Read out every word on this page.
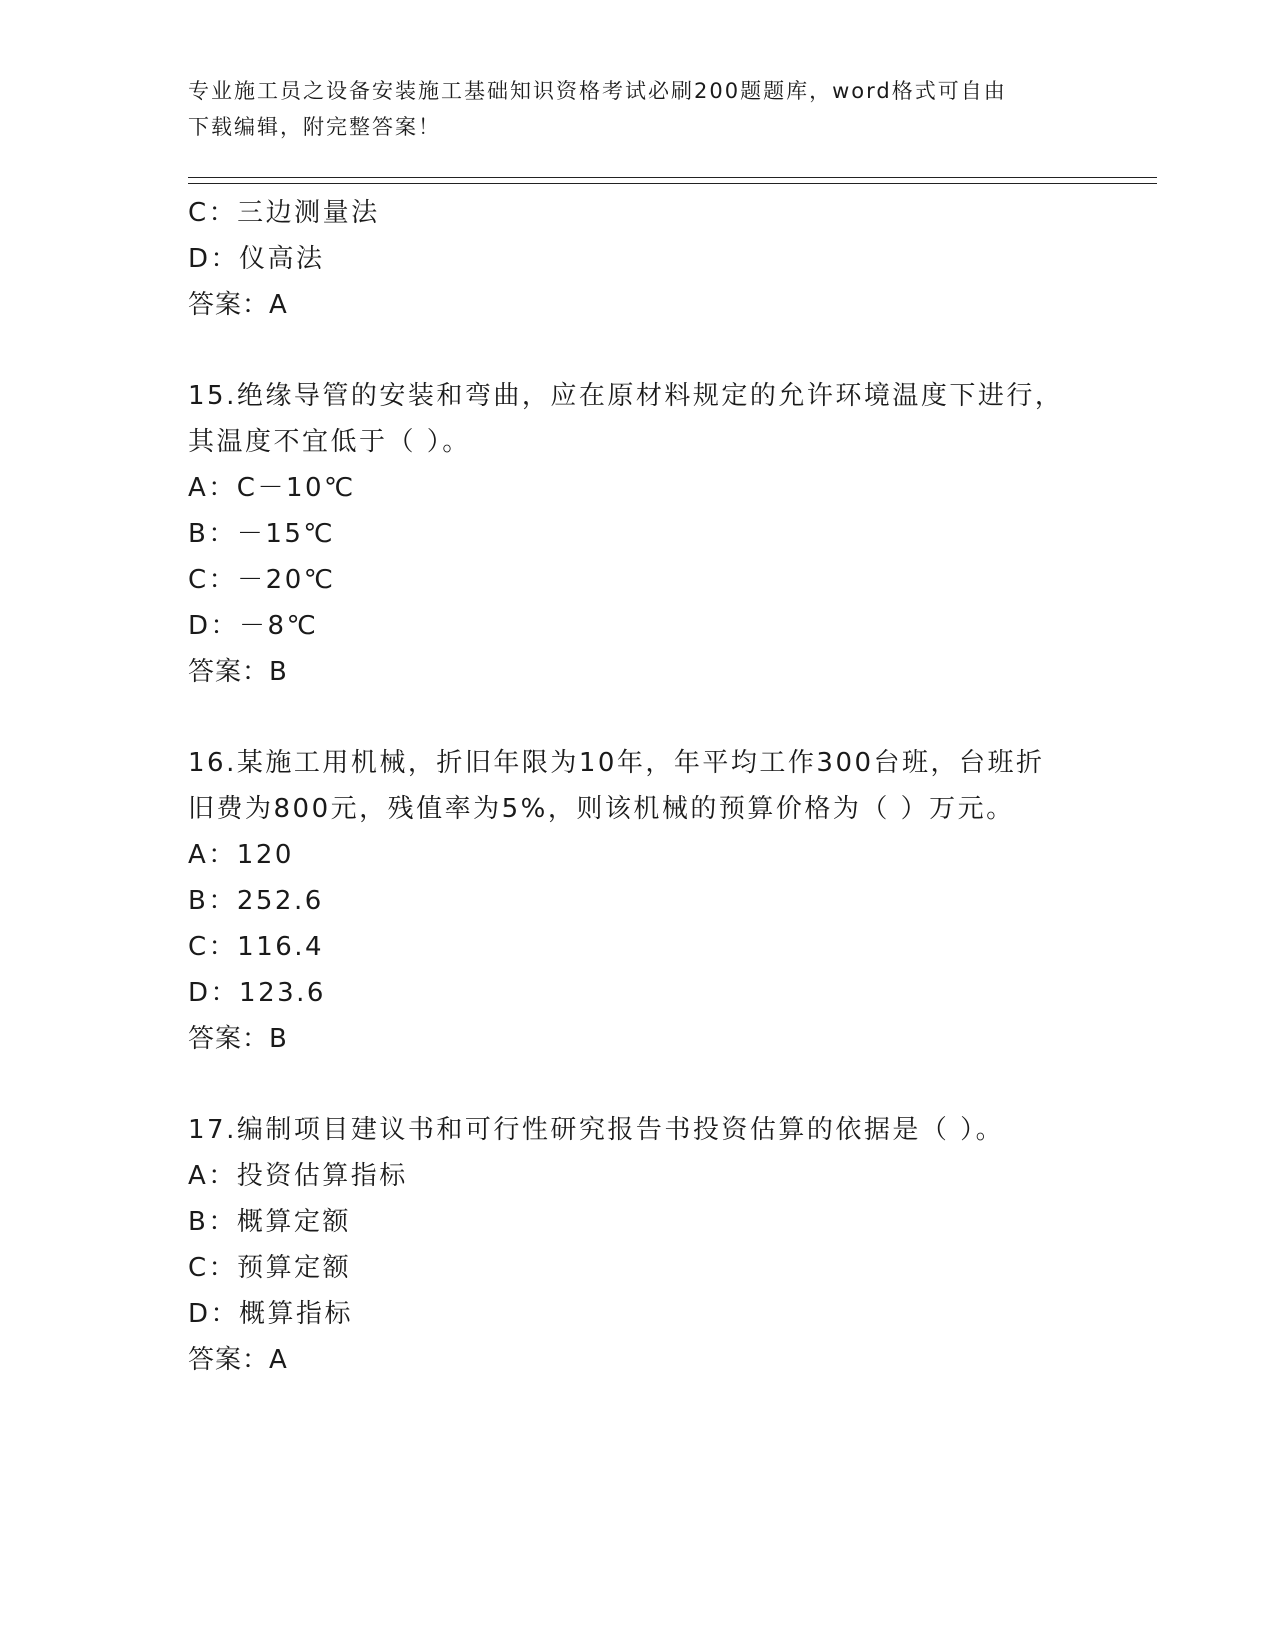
专业施工员之设备安装施工基础知识资格考试必刷200题题库，word格式可自由
下载编辑，附完整答案！
C：三边测量法
D：仪高法
答案：A
15.绝缘导管的安装和弯曲，应在原材料规定的允许环境温度下进行，
其温度不宜低于（ ）。
A：C－10℃
B：－15℃
C：－20℃
D：－8℃
答案：B
16.某施工用机械，折旧年限为10年，年平均工作300台班，台班折
旧费为800元，残值率为5%，则该机械的预算价格为（ ）万元。
A：120
B：252.6
C：116.4
D：123.6
答案：B
17.编制项目建议书和可行性研究报告书投资估算的依据是（ ）。
A：投资估算指标
B：概算定额
C：预算定额
D：概算指标
答案：A
